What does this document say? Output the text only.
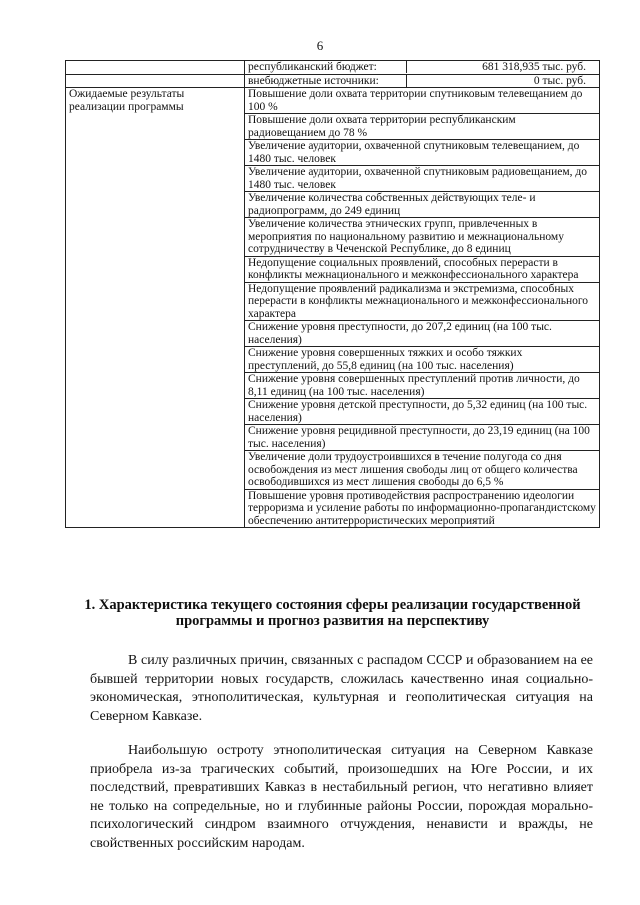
6
	республиканский бюджет: 681 318,935 тыс. руб.
	внебюджетные источники: 0 тыс. руб.
Ожидаемые результаты реализации программы	Повышение доли охвата территории спутниковым телевещанием до 100 %
	Повышение доли охвата территории республиканским радиовещанием до 78 %
	Увеличение аудитории, охваченной спутниковым телевещанием, до 1480 тыс. человек
	Увеличение аудитории, охваченной спутниковым радиовещанием, до 1480 тыс. человек
	Увеличение количества собственных действующих теле- и радиопрограмм, до 249 единиц
	Увеличение количества этнических групп, привлеченных в мероприятия по национальному развитию и межнациональному сотрудничеству в Чеченской Республике, до 8 единиц
	Недопущение социальных проявлений, способных перерасти в конфликты межнационального и межконфессионального характера
	Недопущение проявлений радикализма и экстремизма, способных перерасти в конфликты межнационального и межконфессионального характера
	Снижение уровня преступности, до 207,2 единиц (на 100 тыс. населения)
	Снижение уровня совершенных тяжких и особо тяжких преступлений, до 55,8 единиц (на 100 тыс. населения)
	Снижение уровня совершенных преступлений против личности, до 8,11 единиц (на 100 тыс. населения)
	Снижение уровня детской преступности, до 5,32 единиц (на 100 тыс. населения)
	Снижение уровня рецидивной преступности, до 23,19 единиц (на 100 тыс. населения)
	Увеличение доли трудоустроившихся в течение полугода со дня освобождения из мест лишения свободы лиц от общего количества освободившихся из мест лишения свободы до 6,5 %
	Повышение уровня противодействия распространению идеологии терроризма и усиление работы по информационно-пропагандистскому обеспечению антитеррористических мероприятий
1. Характеристика текущего состояния сферы реализации государственной программы и прогноз развития на перспективу

В силу различных причин, связанных с распадом СССР и образованием на ее бывшей территории новых государств, сложилась качественно иная социально-экономическая, этнополитическая, культурная и геополитическая ситуация на Северном Кавказе.

Наибольшую остроту этнополитическая ситуация на Северном Кавказе приобрела из-за трагических событий, произошедших на Юге России, и их последствий, превративших Кавказ в нестабильный регион, что негативно влияет не только на сопредельные, но и глубинные районы России, порождая морально-психологический синдром взаимного отчуждения, ненависти и вражды, не свойственных российским народам.
